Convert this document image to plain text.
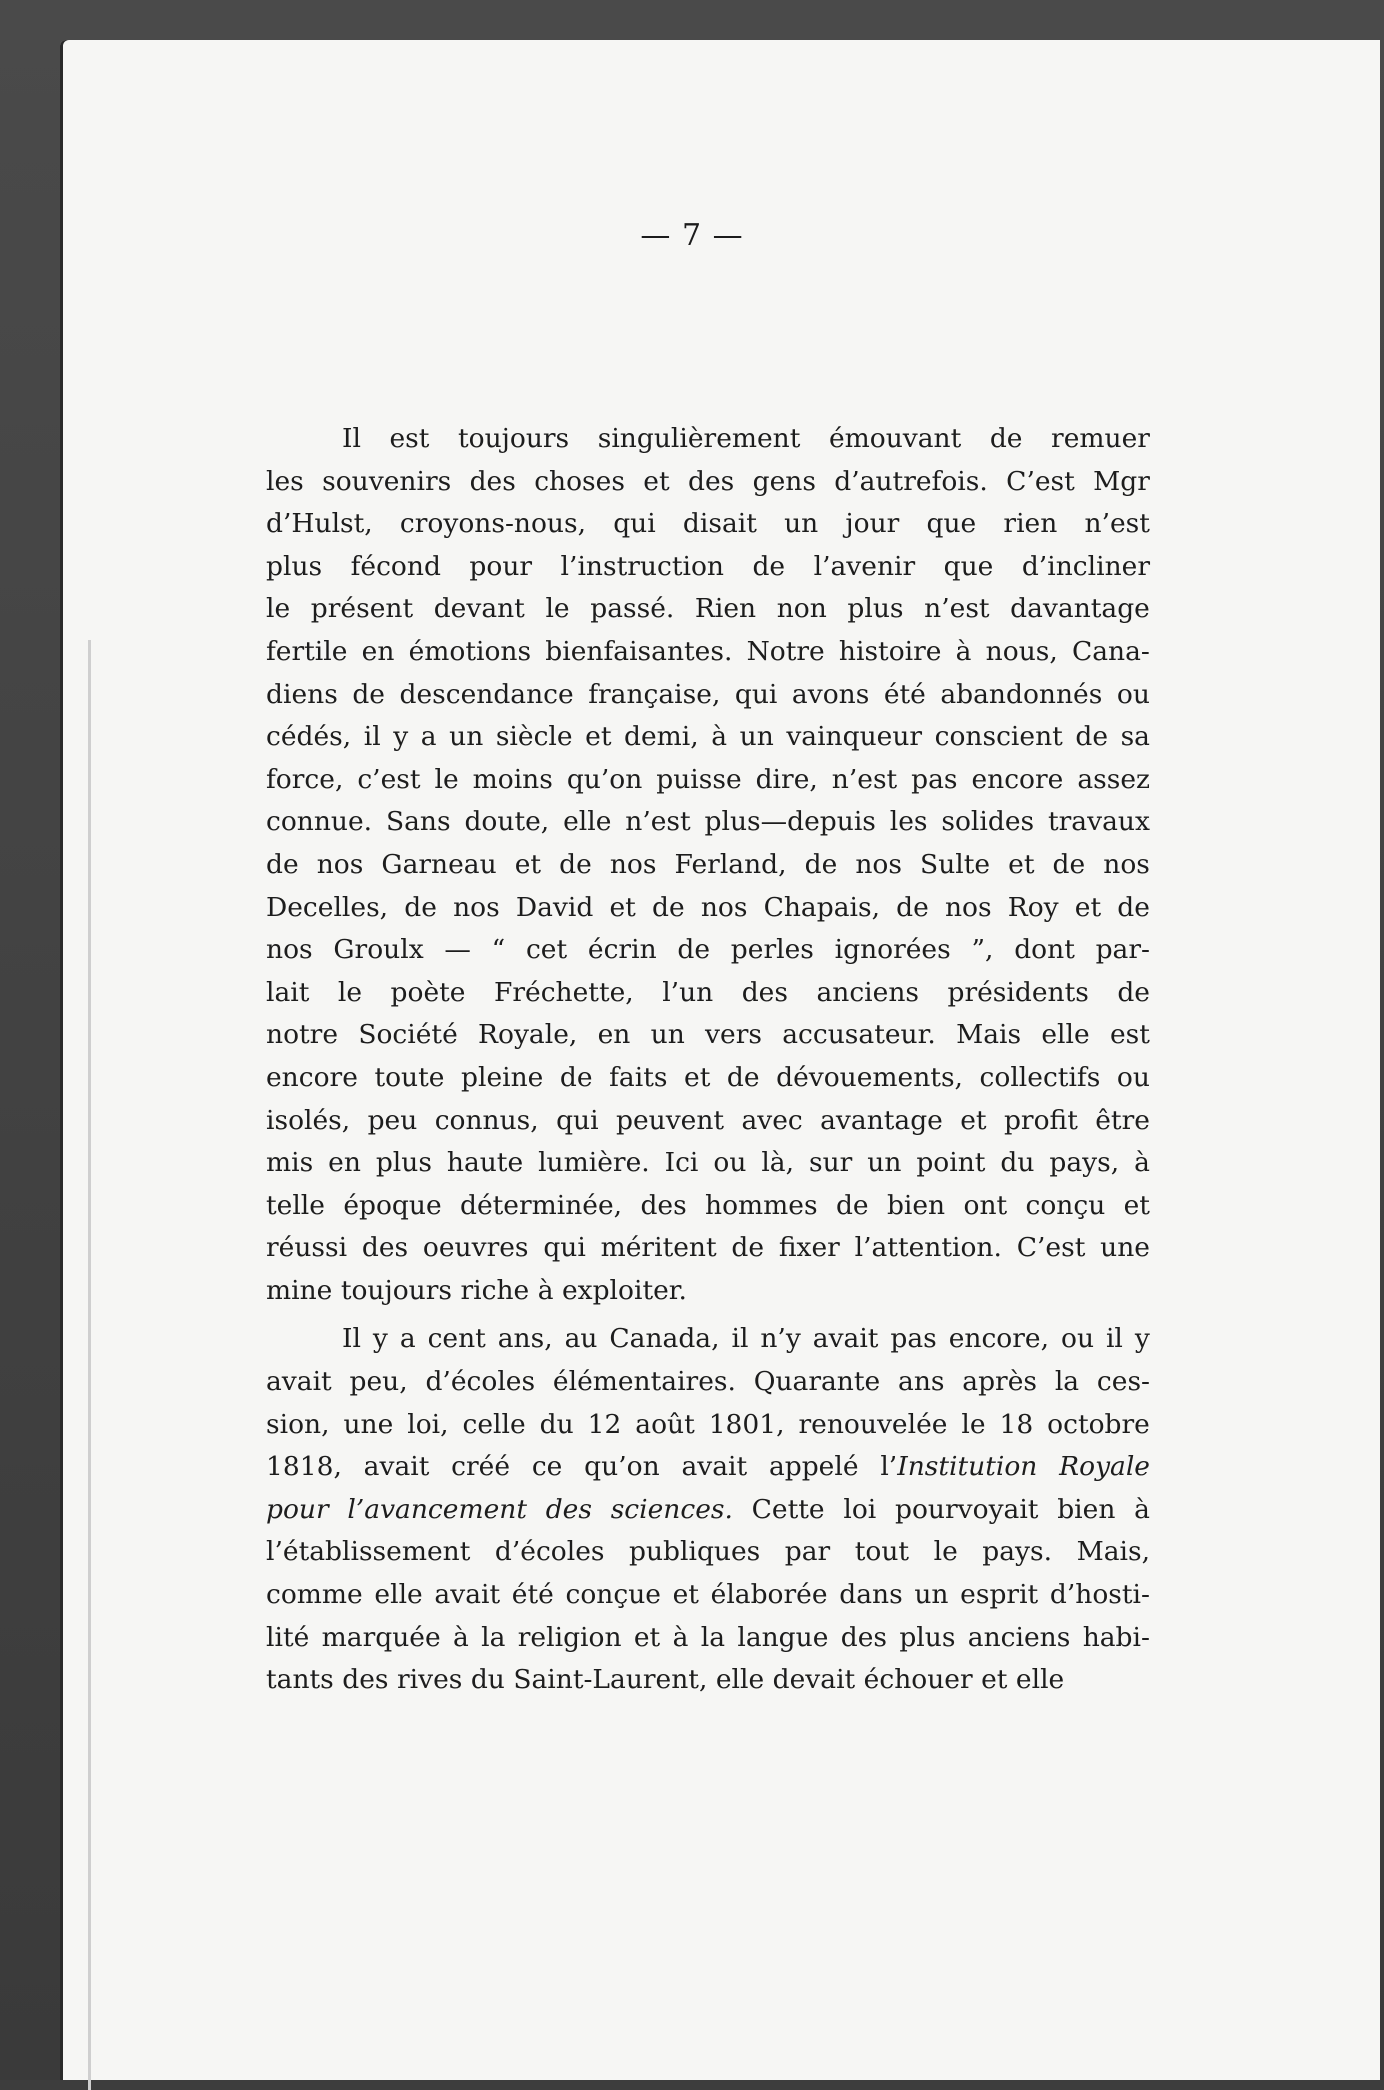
— 7 —
Il est toujours singulièrement émouvant de remuer
les souvenirs des choses et des gens d’autrefois. C’est Mgr
d’Hulst, croyons-nous, qui disait un jour que rien n’est
plus fécond pour l’instruction de l’avenir que d’incliner
le présent devant le passé. Rien non plus n’est davantage
fertile en émotions bienfaisantes. Notre histoire à nous, Cana-
diens de descendance française, qui avons été abandonnés ou
cédés, il y a un siècle et demi, à un vainqueur conscient de sa
force, c’est le moins qu’on puisse dire, n’est pas encore assez
connue. Sans doute, elle n’est plus—depuis les solides travaux
de nos Garneau et de nos Ferland, de nos Sulte et de nos
Decelles, de nos David et de nos Chapais, de nos Roy et de
nos Groulx — “ cet écrin de perles ignorées ”, dont par-
lait le poète Fréchette, l’un des anciens présidents de
notre Société Royale, en un vers accusateur. Mais elle est
encore toute pleine de faits et de dévouements, collectifs ou
isolés, peu connus, qui peuvent avec avantage et profit être
mis en plus haute lumière. Ici ou là, sur un point du pays, à
telle époque déterminée, des hommes de bien ont conçu et
réussi des oeuvres qui méritent de fixer l’attention. C’est une
mine toujours riche à exploiter.
Il y a cent ans, au Canada, il n’y avait pas encore, ou il y
avait peu, d’écoles élémentaires. Quarante ans après la ces-
sion, une loi, celle du 12 août 1801, renouvelée le 18 octobre
1818, avait créé ce qu’on avait appelé l’Institution Royale
pour l’avancement des sciences. Cette loi pourvoyait bien à
l’établissement d’écoles publiques par tout le pays. Mais,
comme elle avait été conçue et élaborée dans un esprit d’hosti-
lité marquée à la religion et à la langue des plus anciens habi-
tants des rives du Saint-Laurent, elle devait échouer et elle
